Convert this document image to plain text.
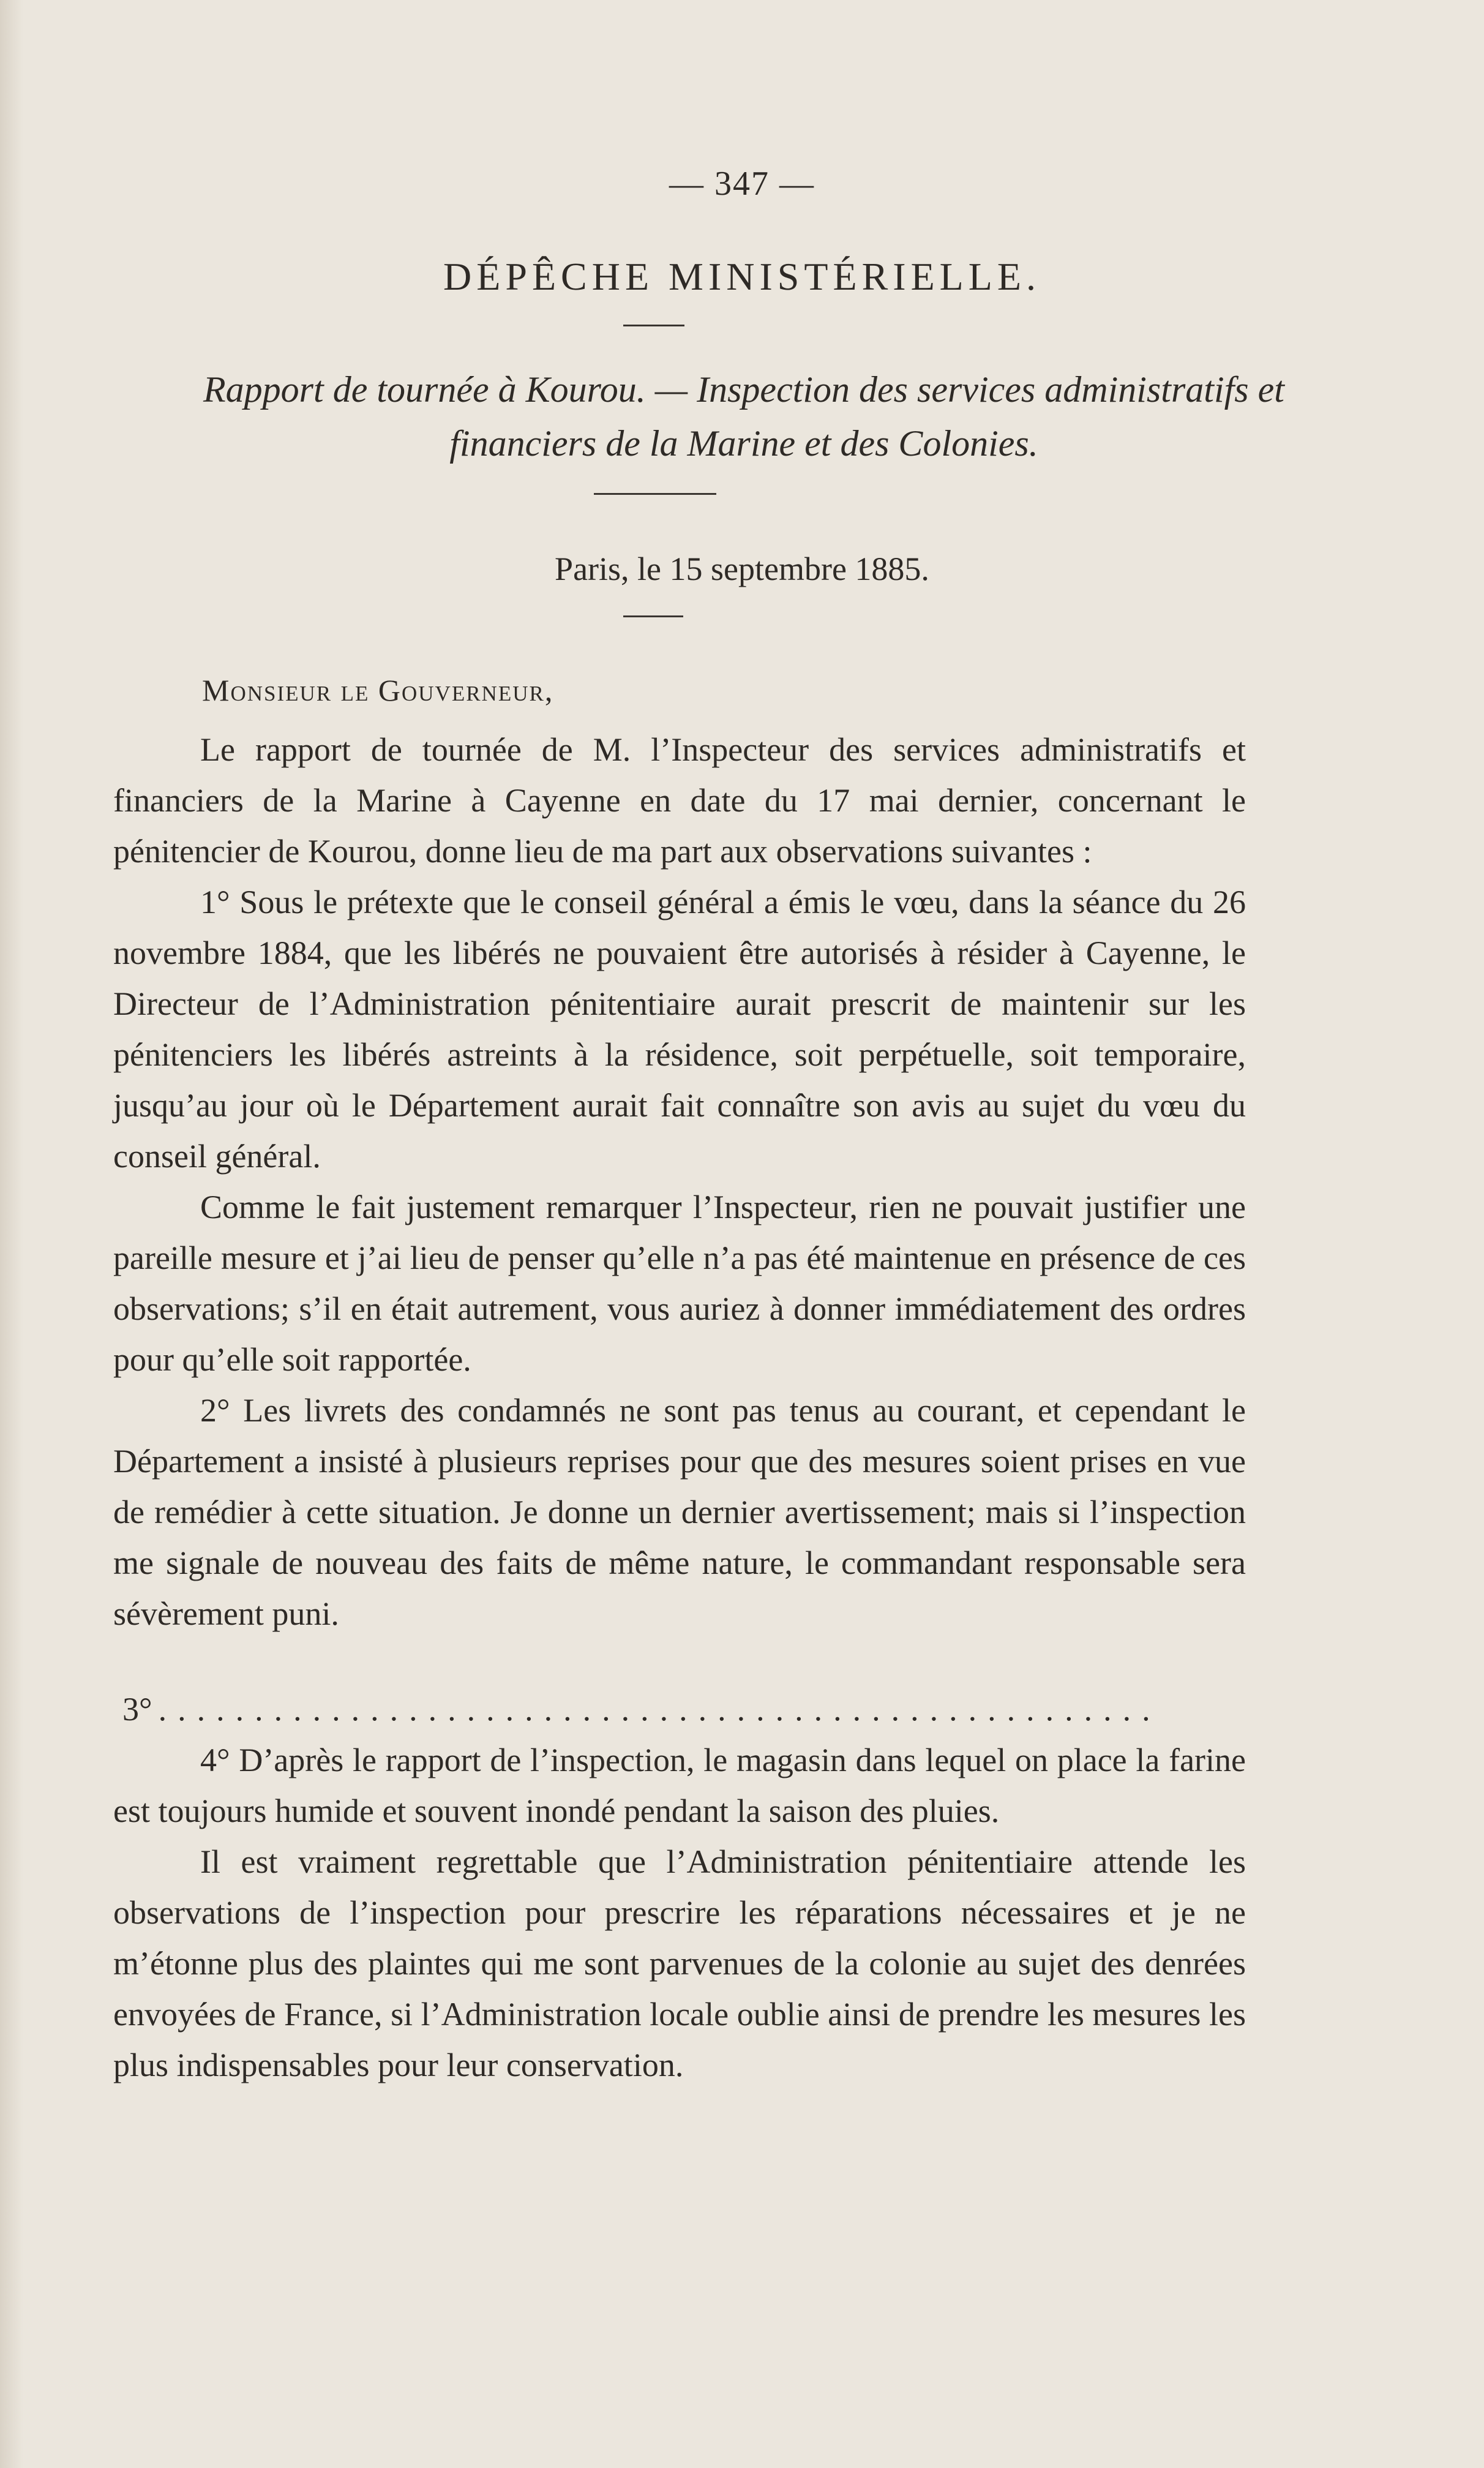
— 347 —
DÉPÊCHE MINISTÉRIELLE.
Rapport de tournée à Kourou. — Inspection des services administratifs et financiers de la Marine et des Colonies.
Paris, le 15 septembre 1885.
Monsieur le Gouverneur,

Le rapport de tournée de M. l’Inspecteur des services administratifs et financiers de la Marine à Cayenne en date du 17 mai dernier, concernant le pénitencier de Kourou, donne lieu de ma part aux observations suivantes :

1° Sous le prétexte que le conseil général a émis le vœu, dans la séance du 26 novembre 1884, que les libérés ne pouvaient être autorisés à résider à Cayenne, le Directeur de l’Administration pénitentiaire aurait prescrit de maintenir sur les pénitenciers les libérés astreints à la résidence, soit perpétuelle, soit temporaire, jusqu’au jour où le Département aurait fait connaître son avis au sujet du vœu du conseil général.

Comme le fait justement remarquer l’Inspecteur, rien ne pouvait justifier une pareille mesure et j’ai lieu de penser qu’elle n’a pas été maintenue en présence de ces observations; s’il en était autrement, vous auriez à donner immédiatement des ordres pour qu’elle soit rapportée.

2° Les livrets des condamnés ne sont pas tenus au courant, et cependant le Département a insisté à plusieurs reprises pour que des mesures soient prises en vue de remédier à cette situation. Je donne un dernier avertissement; mais si l’inspection me signale de nouveau des faits de même nature, le commandant responsable sera sévèrement puni.

3° ....................................................

4° D’après le rapport de l’inspection, le magasin dans lequel on place la farine est toujours humide et souvent inondé pendant la saison des pluies.

Il est vraiment regrettable que l’Administration pénitentiaire attende les observations de l’inspection pour prescrire les réparations nécessaires et je ne m’étonne plus des plaintes qui me sont parvenues de la colonie au sujet des denrées envoyées de France, si l’Administration locale oublie ainsi de prendre les mesures les plus indispensables pour leur conservation.
